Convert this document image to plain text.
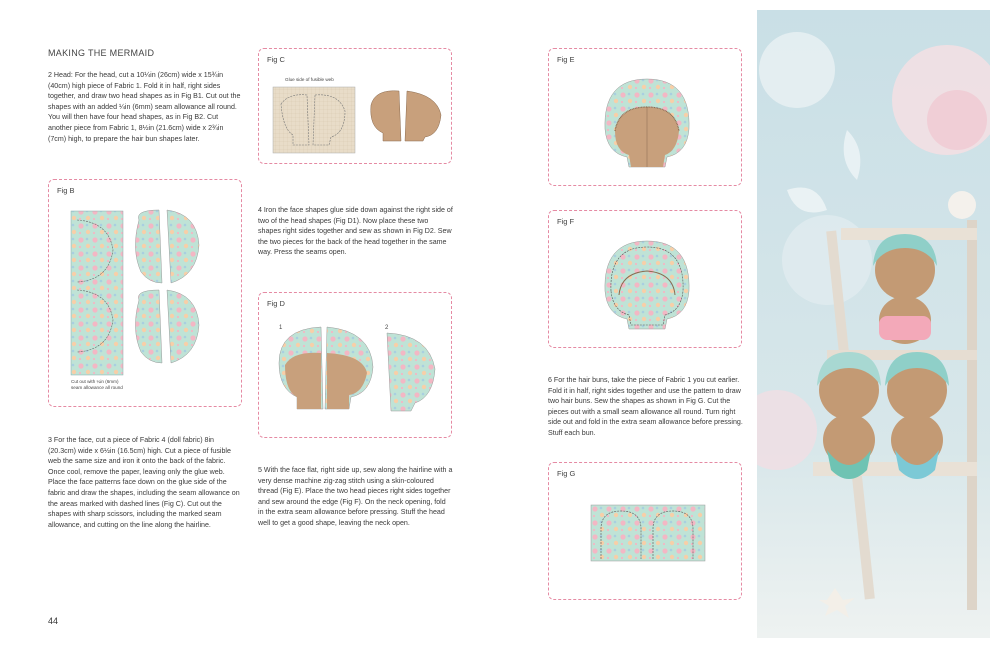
MAKING THE MERMAID
2 Head: For the head, cut a 10¼in (26cm) wide x 15¾in (40cm) high piece of Fabric 1. Fold it in half, right sides together, and draw two head shapes as in Fig B1. Cut out the shapes with an added ¼in (6mm) seam allowance all round. You will then have four head shapes, as in Fig B2. Cut another piece from Fabric 1, 8½in (21.6cm) wide x 2¾in (7cm) high, to prepare the hair bun shapes later.
Fig B
Cut out with ¼in (6mm)
seam allowance all round
3 For the face, cut a piece of Fabric 4 (doll fabric) 8in (20.3cm) wide x 6½in (16.5cm) high. Cut a piece of fusible web the same size and iron it onto the back of the fabric. Once cool, remove the paper, leaving only the glue web. Place the face patterns face down on the glue side of the fabric and draw the shapes, including the seam allowance on the areas marked with dashed lines (Fig C). Cut out the shapes with sharp scissors, including the marked seam allowance, and cutting on the line along the hairline.
Fig C
Glue side of fusible web
4 Iron the face shapes glue side down against the right side of two of the head shapes (Fig D1). Now place these two shapes right sides together and sew as shown in Fig D2. Sew the two pieces for the back of the head together in the same way. Press the seams open.
Fig D
1	2
5 With the face flat, right side up, sew along the hairline with a very dense machine zig-zag stitch using a skin-coloured thread (Fig E). Place the two head pieces right sides together and sew around the edge (Fig F). On the neck opening, fold in the extra seam allowance before pressing. Stuff the head well to get a good shape, leaving the neck open.
Fig E
Fig F
6 For the hair buns, take the piece of Fabric 1 you cut earlier. Fold it in half, right sides together and use the pattern to draw two hair buns. Sew the shapes as shown in Fig G. Cut the pieces out with a small seam allowance all round. Turn right side out and fold in the extra seam allowance before pressing. Stuff each bun.
Fig G
44
